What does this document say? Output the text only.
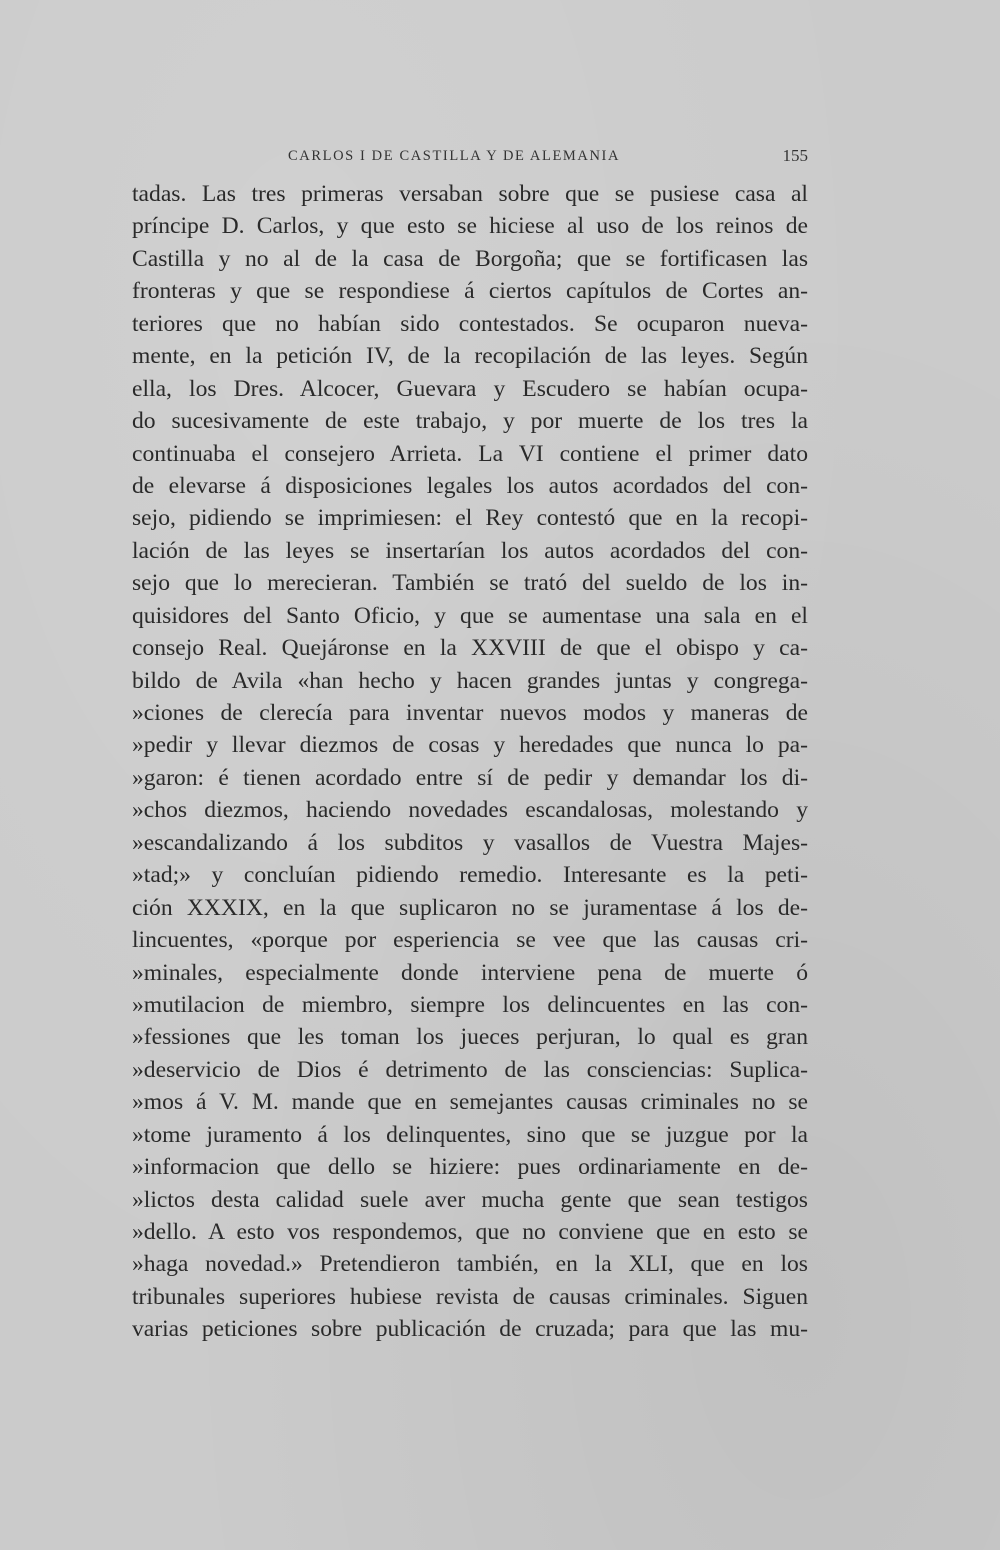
CARLOS I DE CASTILLA Y DE ALEMANIA	155
tadas. Las tres primeras versaban sobre que se pusiese casa al
príncipe D. Carlos, y que esto se hiciese al uso de los reinos de
Castilla y no al de la casa de Borgoña; que se fortificasen las
fronteras y que se respondiese á ciertos capítulos de Cortes an-
teriores que no habían sido contestados. Se ocuparon nueva-
mente, en la petición IV, de la recopilación de las leyes. Según
ella, los Dres. Alcocer, Guevara y Escudero se habían ocupa-
do sucesivamente de este trabajo, y por muerte de los tres la
continuaba el consejero Arrieta. La VI contiene el primer dato
de elevarse á disposiciones legales los autos acordados del con-
sejo, pidiendo se imprimiesen: el Rey contestó que en la recopi-
lación de las leyes se insertarían los autos acordados del con-
sejo que lo merecieran. También se trató del sueldo de los in-
quisidores del Santo Oficio, y que se aumentase una sala en el
consejo Real. Quejáronse en la XXVIII de que el obispo y ca-
bildo de Avila «han hecho y hacen grandes juntas y congrega-
»ciones de clerecía para inventar nuevos modos y maneras de
»pedir y llevar diezmos de cosas y heredades que nunca lo pa-
»garon: é tienen acordado entre sí de pedir y demandar los di-
»chos diezmos, haciendo novedades escandalosas, molestando y
»escandalizando á los subditos y vasallos de Vuestra Majes-
»tad;» y concluían pidiendo remedio. Interesante es la peti-
ción XXXIX, en la que suplicaron no se juramentase á los de-
lincuentes, «porque por esperiencia se vee que las causas cri-
»minales, especialmente donde interviene pena de muerte ó
»mutilacion de miembro, siempre los delincuentes en las con-
»fessiones que les toman los jueces perjuran, lo qual es gran
»deservicio de Dios é detrimento de las consciencias: Suplica-
»mos á V. M. mande que en semejantes causas criminales no se
»tome juramento á los delinquentes, sino que se juzgue por la
»informacion que dello se hiziere: pues ordinariamente en de-
»lictos desta calidad suele aver mucha gente que sean testigos
»dello. A esto vos respondemos, que no conviene que en esto se
»haga novedad.» Pretendieron también, en la XLI, que en los
tribunales superiores hubiese revista de causas criminales. Siguen
varias peticiones sobre publicación de cruzada; para que las mu-
